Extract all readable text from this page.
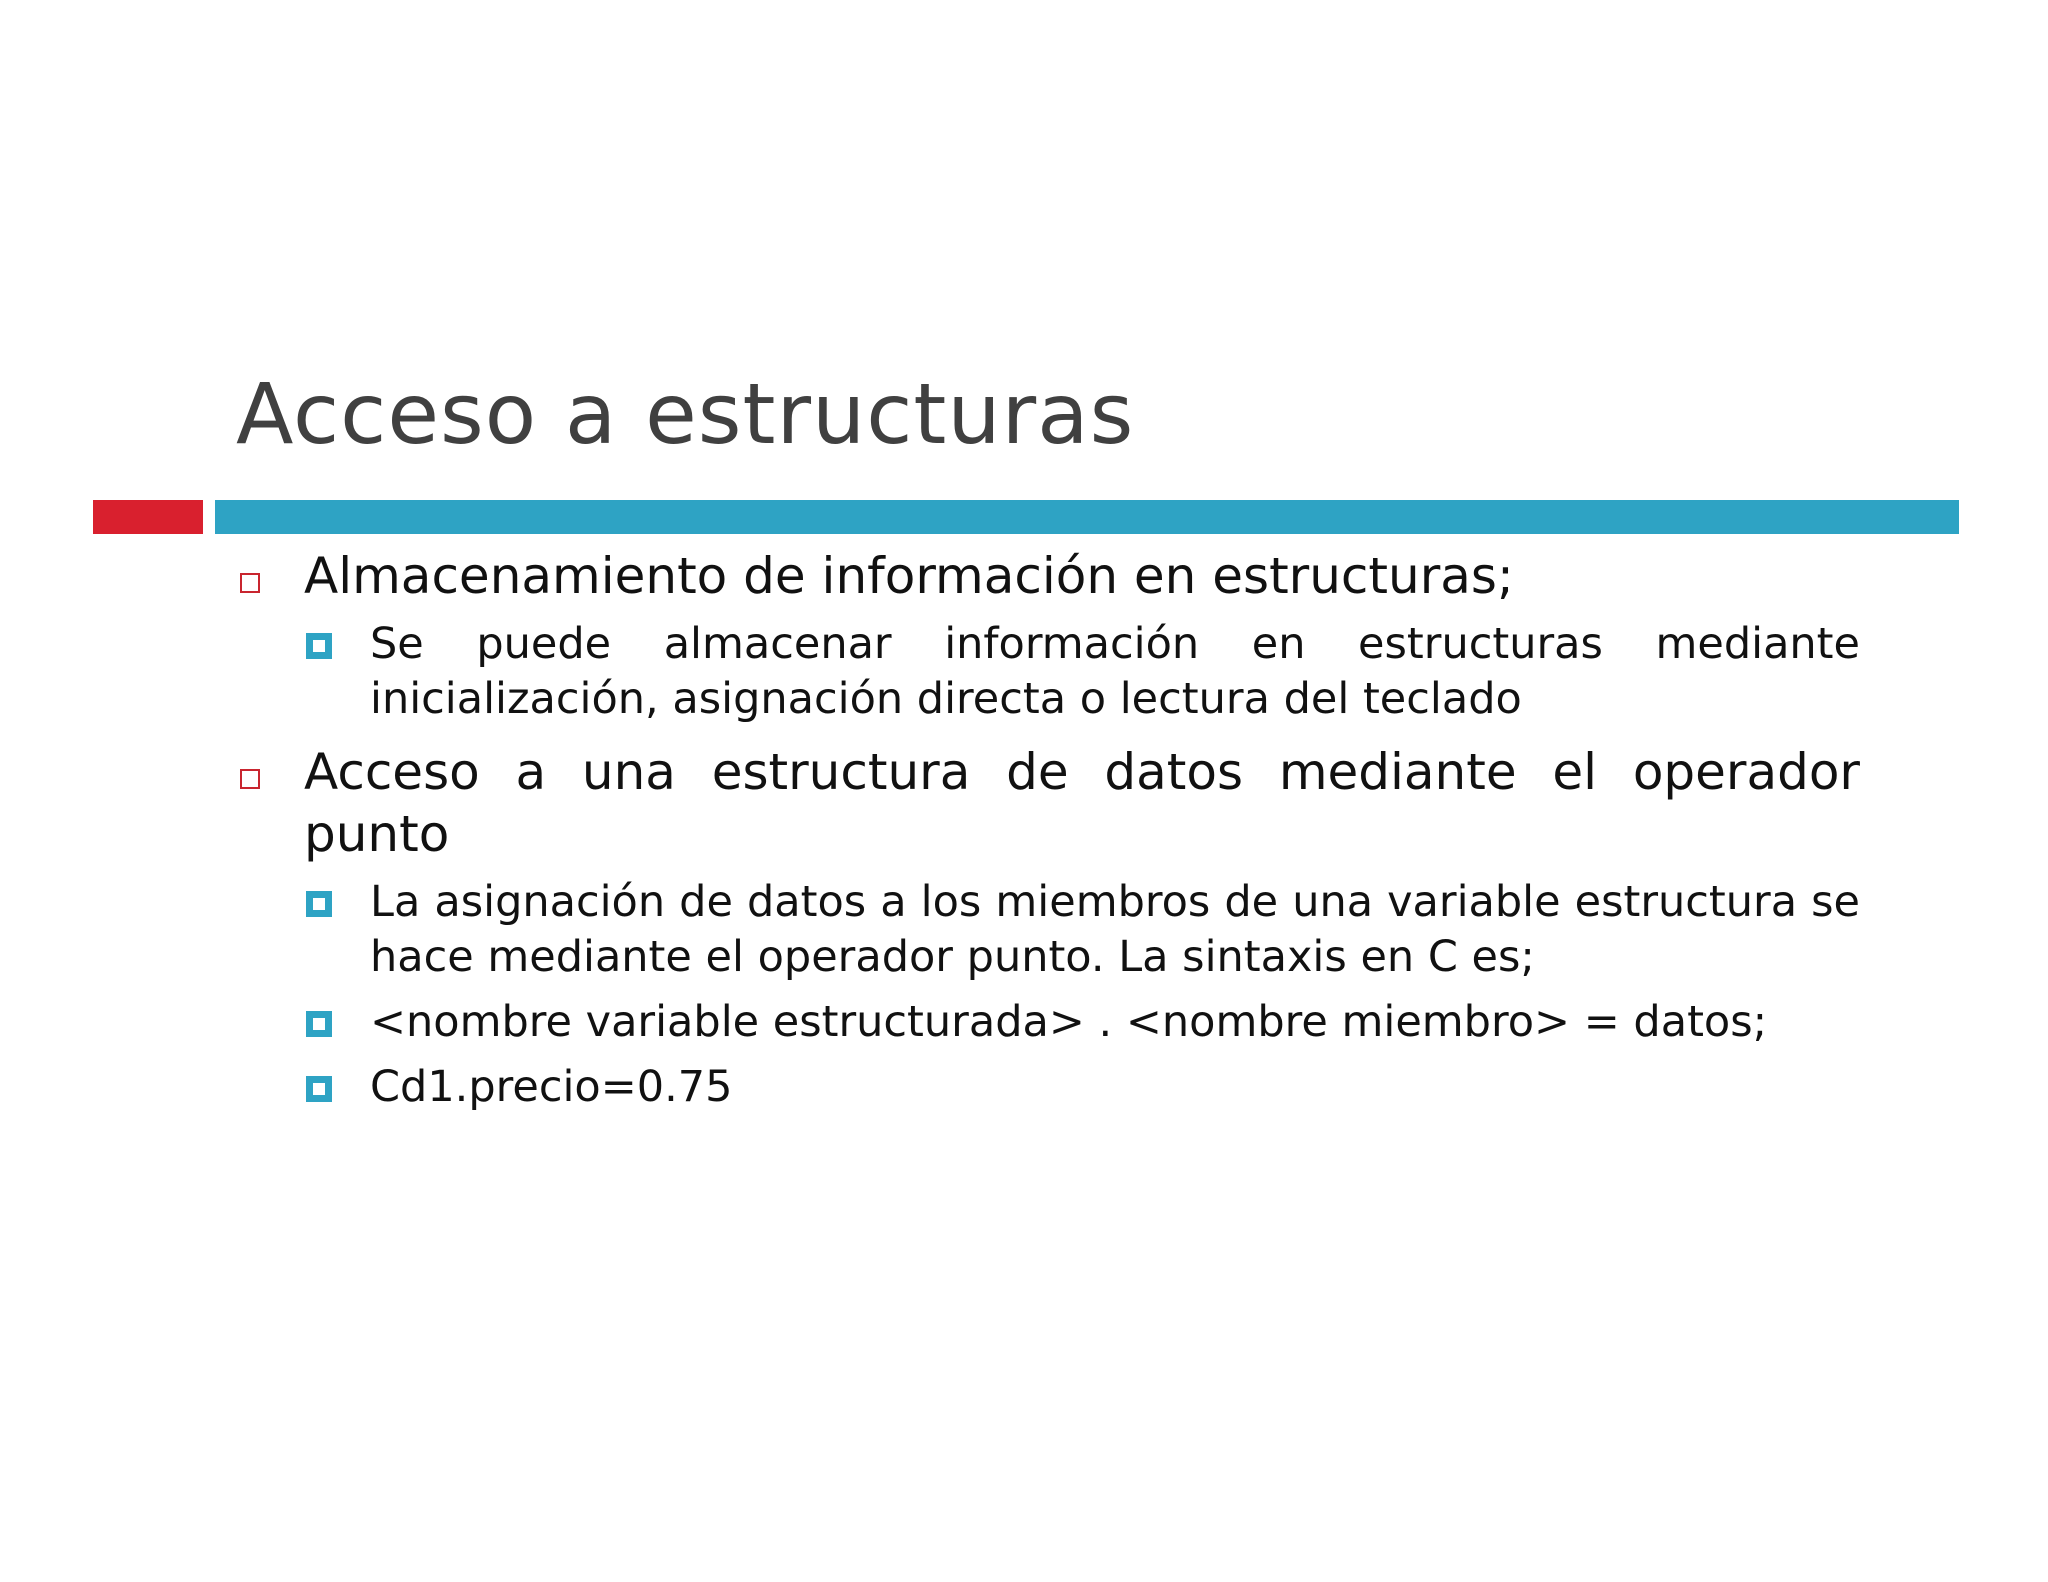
Acceso a estructuras
Almacenamiento de información en estructuras;
Se puede almacenar información en estructuras mediante inicialización, asignación directa o lectura del teclado
Acceso a una estructura de datos mediante el operador punto
La asignación de datos a los miembros de una variable estructura se hace mediante el operador punto. La sintaxis en C es;
<nombre variable estructurada> . <nombre miembro> = datos;
Cd1.precio=0.75
